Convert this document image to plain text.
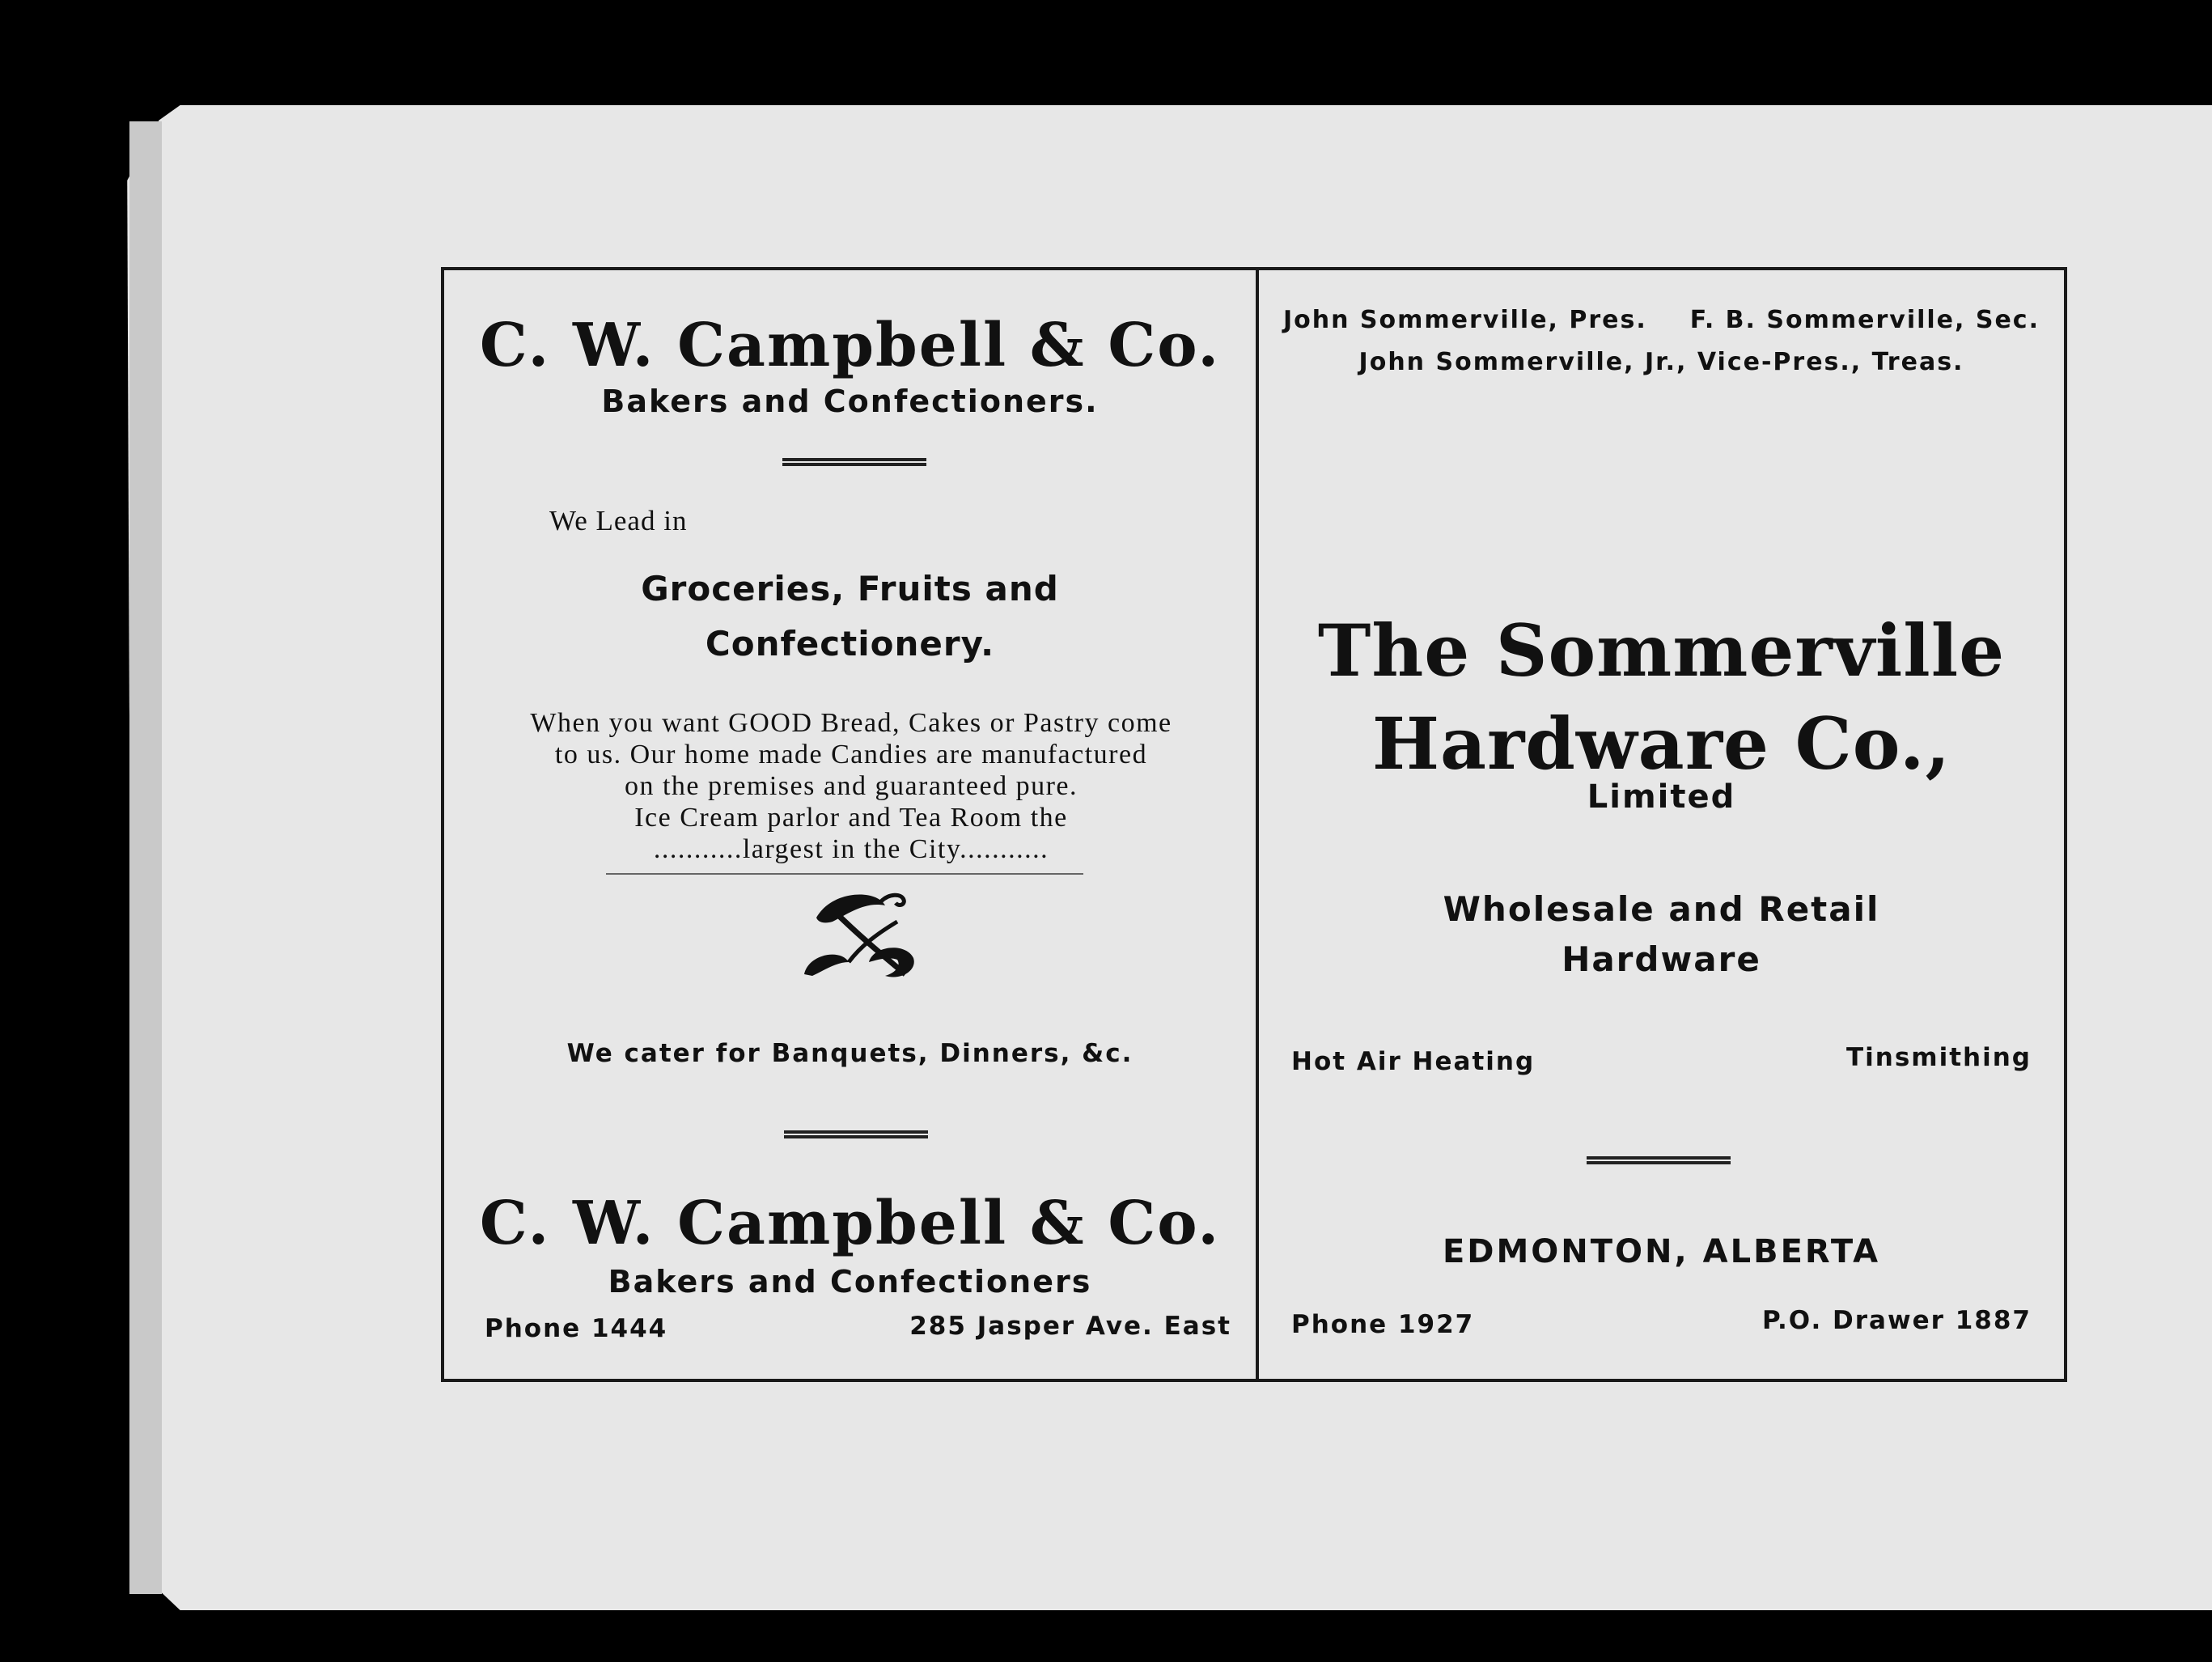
C. W. Campbell & Co.
Bakers and Confectioners.
We Lead in
Groceries, Fruits and
Confectionery.
When you want GOOD Bread, Cakes or Pastry come
to us. Our home made Candies are manufactured
on the premises and guaranteed pure.
Ice Cream parlor and Tea Room the
...........largest in the City...........
We cater for Banquets, Dinners, &c.
C. W. Campbell & Co.
Bakers and Confectioners
Phone 1444	285 Jasper Ave. East
John Sommerville, Pres. F. B. Sommerville, Sec.
John Sommerville, Jr., Vice-Pres., Treas.
The Sommerville
Hardware Co.,
Limited
Wholesale and Retail
Hardware
Hot Air Heating	Tinsmithing
EDMONTON, ALBERTA
Phone 1927	P.O. Drawer 1887
